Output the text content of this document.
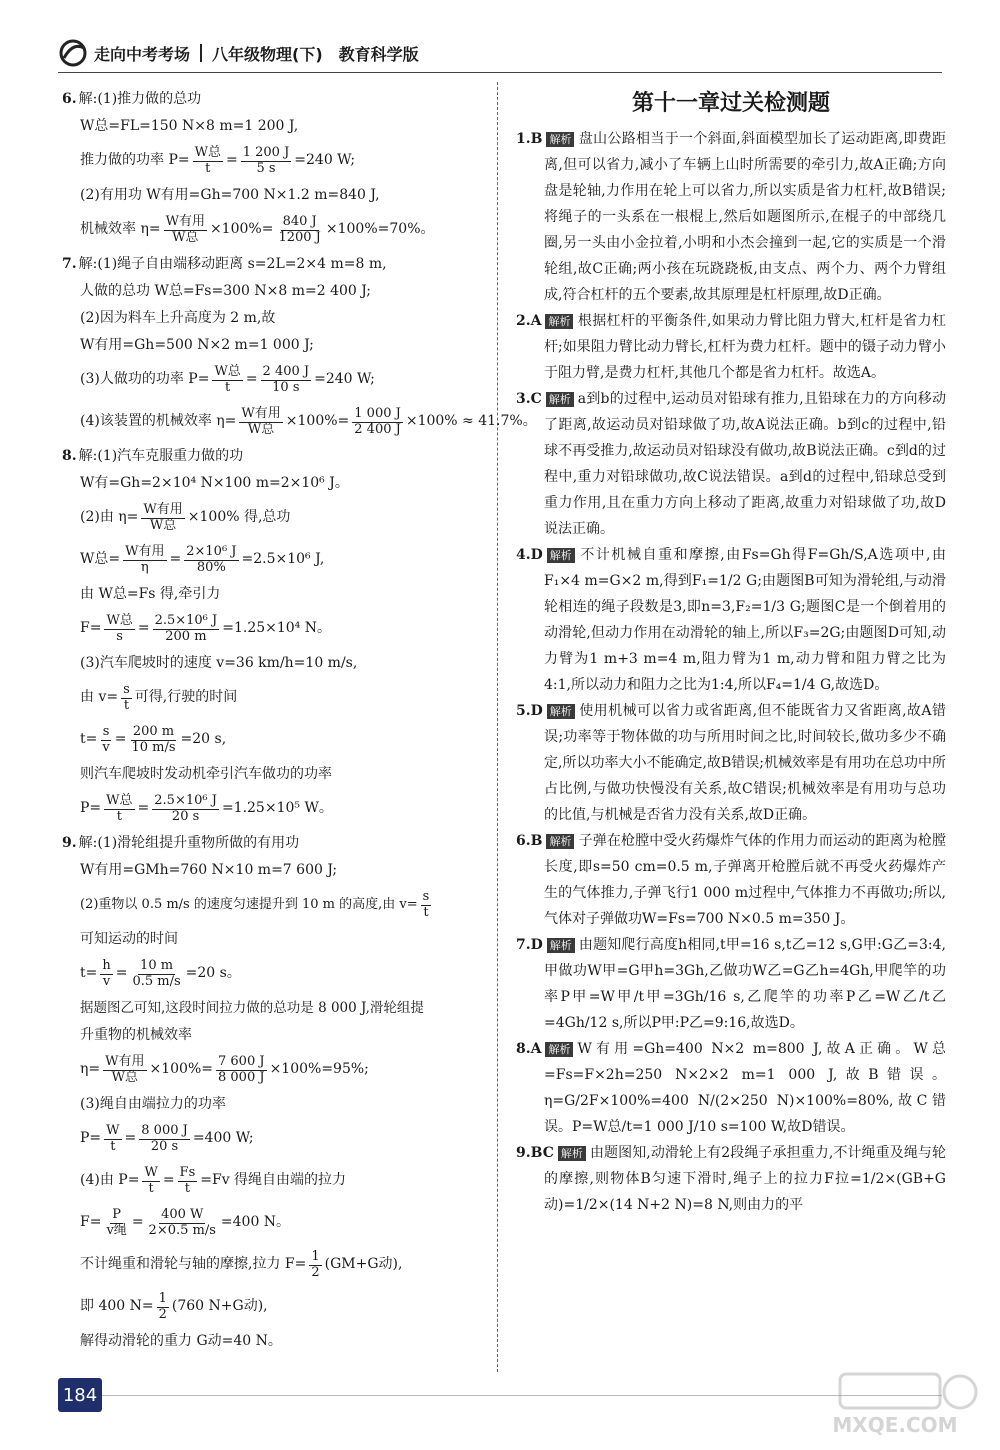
走向中考考场 八年级物理(下) 教育科学版
6. 解:(1)推力做的总功
W总=FL=150 N×8 m=1 200 J,
推力做的功率 $P= \frac{\text{W总}}{t} = \frac{1 200 J}{5 s} =240$ W;
(2)有用功 W有用=Gh=700 N×1.2 m=840 J,
机械效率 $\eta= \frac{\text{W有用}}{\text{W总}} \times 100\%= \frac{840 J}{1200 J} \times 100\%=70\%$。
7. 解:(1)绳子自由端移动距离 s=2L=2×4 m=8 m,
人做的总功 W总=Fs=300 N×8 m=2 400 J;
(2)因为料车上升高度为 2 m,故
W有用=Gh=500 N×2 m=1 000 J;
(3)人做功的功率 $P= \frac{\text{W总}}{t} = \frac{2 400 J}{10 s} =240$ W;
(4)该装置的机械效率 $\eta= \frac{\text{W有用}}{\text{W总}} \times 100\%= \frac{1 000 J}{2 400 J} \times 100\% \approx 41.7\%$。
8. 解:(1)汽车克服重力做的功
W有=Gh=2×10⁴ N×100 m=2×10⁶ J。
(2)由 $\eta= \frac{\text{W有用}}{\text{W总}} \times 100\%$ 得,总功
W总= $\frac{\text{W有用}}{\eta} = \frac{\text{2×10⁶ J}}{80\%} =2.5\times 10^6$ J,
由 W总=Fs 得,牵引力
$F= \frac{\text{W总}}{s} = \frac{\text{2.5×10⁶ J}}{200 m} =1.25\times 10^4$ N。
(3)汽车爬坡时的速度 v=36 km/h=10 m/s,
由 $v= \frac{s}{t}$ 可得,行驶的时间
$t= \frac{s}{v} = \frac{200 m}{10 m/s} =20$ s,
则汽车爬坡时发动机牵引汽车做功的功率
$P= \frac{\text{W总}}{t} = \frac{\text{2.5×10⁶ J}}{20 s} =1.25\times 10^5$ W。
9. 解:(1)滑轮组提升重物所做的有用功
W有用=GMh=760 N×10 m=7 600 J;
(2)重物以 0.5 m/s 的速度匀速提升到 10 m 的高度,由 $v= \frac{s}{t}$
可知运动的时间
$t= \frac{h}{v} = \frac{10 m}{0.5 m/s} =20$ s。
据题图乙可知,这段时间拉力做的总功是 8 000 J,滑轮组提
升重物的机械效率
$\eta= \frac{\text{W有用}}{\text{W总}} \times 100\%= \frac{7 600 J}{8 000 J} \times 100\%=95\%$;
(3)绳自由端拉力的功率
$P= \frac{W}{t} = \frac{8 000 J}{20 s} =400$ W;
(4)由 $P= \frac{W}{t} = \frac{Fs}{t} =Fv$ 得绳自由端的拉力
$F= \frac{P}{\text{v绳}} = \frac{400 W}{2\times 0.5 m/s} =400$ N。
不计绳重和滑轮与轴的摩擦,拉力 $F= \frac{1}{2} (GM+G$动),
即 400 $N= \frac{1}{2} (760$ N+G动),
解得动滑轮的重力 G动=40 N。
第十一章过关检测题

1.B 解析 盘山公路相当于一个斜面,斜面模型加长了运动距离,即费距离,但可以省力,减小了车辆上山时所需要的牵引力,故A正确;方向盘是轮轴,力作用在轮上可以省力,所以实质是省力杠杆,故B错误;将绳子的一头系在一根棍上,然后如题图所示,在棍子的中部绕几圈,另一头由小金拉着,小明和小杰会撞到一起,它的实质是一个滑轮组,故C正确;两小孩在玩跷跷板,由支点、两个力、两个力臂组成,符合杠杆的五个要素,故其原理是杠杆原理,故D正确。

2.A 解析 根据杠杆的平衡条件,如果动力臂比阻力臂大,杠杆是省力杠杆;如果阻力臂比动力臂长,杠杆为费力杠杆。题中的镊子动力臂小于阻力臂,是费力杠杆,其他几个都是省力杠杆。故选A。

3.C 解析 a到b的过程中,运动员对铅球有推力,且铅球在力的方向移动了距离,故运动员对铅球做了功,故A说法正确。b到c的过程中,铅球不再受推力,故运动员对铅球没有做功,故B说法正确。c到d的过程中,重力对铅球做功,故C说法错误。a到d的过程中,铅球总受到重力作用,且在重力方向上移动了距离,故重力对铅球做了功,故D说法正确。

4.D 解析 不计机械自重和摩擦,由Fs=Gh得F=Gh/S,A选项中,由F₁×4 m=G×2 m,得到F₁=1/2 G;由题图B可知为滑轮组,与动滑轮相连的绳子段数是3,即n=3,F₂=1/3 G;题图C是一个倒着用的动滑轮,但动力作用在动滑轮的轴上,所以F₃=2G;由题图D可知,动力臂为1 m+3 m=4 m,阻力臂为1 m,动力臂和阻力臂之比为4:1,所以动力和阻力之比为1:4,所以F₄=1/4 G,故选D。

5.D 解析 使用机械可以省力或省距离,但不能既省力又省距离,故A错误;功率等于物体做的功与所用时间之比,时间较长,做功多少不确定,所以功率大小不能确定,故B错误;机械效率是有用功在总功中所占比例,与做功快慢没有关系,故C错误;机械效率是有用功与总功的比值,与机械是否省力没有关系,故D正确。

6.B 解析 子弹在枪膛中受火药爆炸气体的作用力而运动的距离为枪膛长度,即s=50 cm=0.5 m,子弹离开枪膛后就不再受火药爆炸产生的气体推力,子弹飞行1 000 m过程中,气体推力不再做功;所以,气体对子弹做功W=Fs=700 N×0.5 m=350 J。

7.D 解析 由题知爬行高度h相同,t甲=16 s,t乙=12 s,G甲:G乙=3:4,甲做功W甲=G甲h=3Gh,乙做功W乙=G乙h=4Gh,甲爬竿的功率P甲=W甲/t甲=3Gh/16 s,乙爬竿的功率P乙=W乙/t乙=4Gh/12 s,所以P甲:P乙=9:16,故选D。

8.A 解析 W有用=Gh=400 N×2 m=800 J,故A正确。W总=Fs=F×2h=250 N×2×2 m=1 000 J,故B错误。η=G/2F×100%=400 N/(2×250 N)×100%=80%,故C错误。P=W总/t=1 000 J/10 s=100 W,故D错误。

9.BC 解析 由题图知,动滑轮上有2段绳子承担重力,不计绳重及绳与轮的摩擦,则物体B匀速下滑时,绳子上的拉力F拉=1/2×(GB+G动)=1/2×(14 N+2 N)=8 N,则由力的平

184
MXQE.COM
